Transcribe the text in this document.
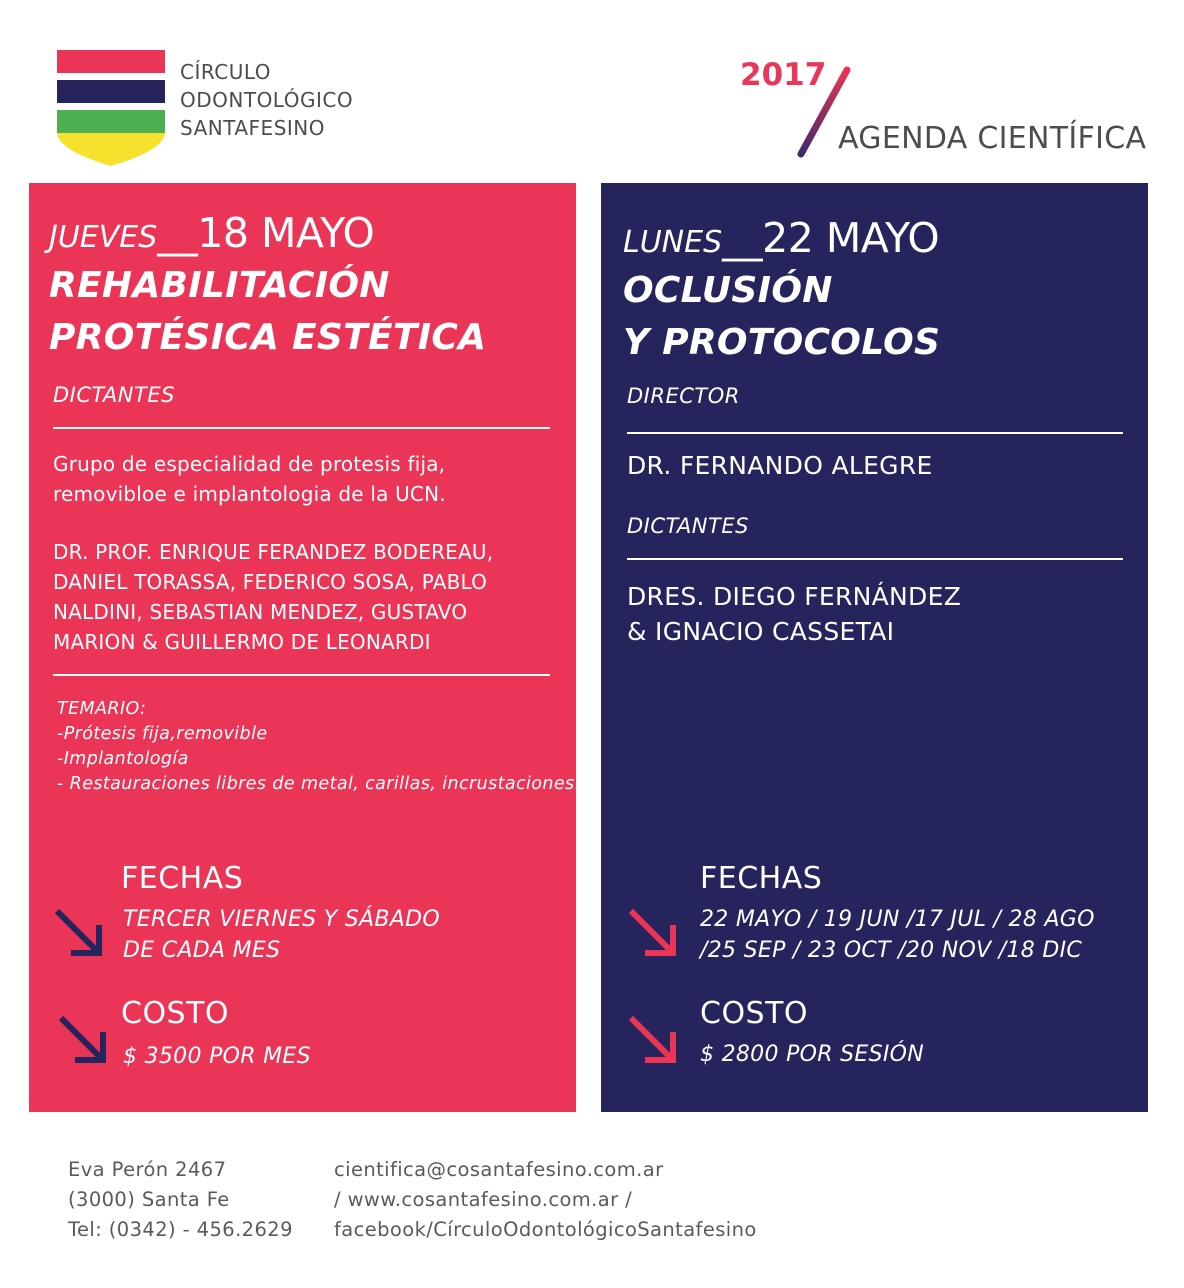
CÍRCULO
ODONTOLÓGICO
SANTAFESINO
2017
AGENDA CIENTÍFICA
JUEVES__18 MAYO
REHABILITACIÓN
PROTÉSICA ESTÉTICA
DICTANTES
Grupo de especialidad de protesis fija,
removibloe e implantologia de la UCN.
DR. PROF. ENRIQUE FERANDEZ BODEREAU,
DANIEL TORASSA, FEDERICO SOSA, PABLO
NALDINI, SEBASTIAN MENDEZ, GUSTAVO
MARION & GUILLERMO DE LEONARDI
TEMARIO:
-Prótesis fija,removible
-Implantología
- Restauraciones libres de metal, carillas, incrustaciones.
FECHAS
TERCER VIERNES Y SÁBADO
DE CADA MES
COSTO
$ 3500 POR MES
LUNES__22 MAYO
OCLUSIÓN
Y PROTOCOLOS
DIRECTOR
DR. FERNANDO ALEGRE
DICTANTES
DRES. DIEGO FERNÁNDEZ
& IGNACIO CASSETAI
FECHAS
22 MAYO / 19 JUN /17 JUL / 28 AGO
/25 SEP / 23 OCT /20 NOV /18 DIC
COSTO
$ 2800 POR SESIÓN
Eva Perón 2467
(3000) Santa Fe
Tel: (0342) - 456.2629
cientifica@cosantafesino.com.ar
/ www.cosantafesino.com.ar /
facebook/CírculoOdontológicoSantafesino
